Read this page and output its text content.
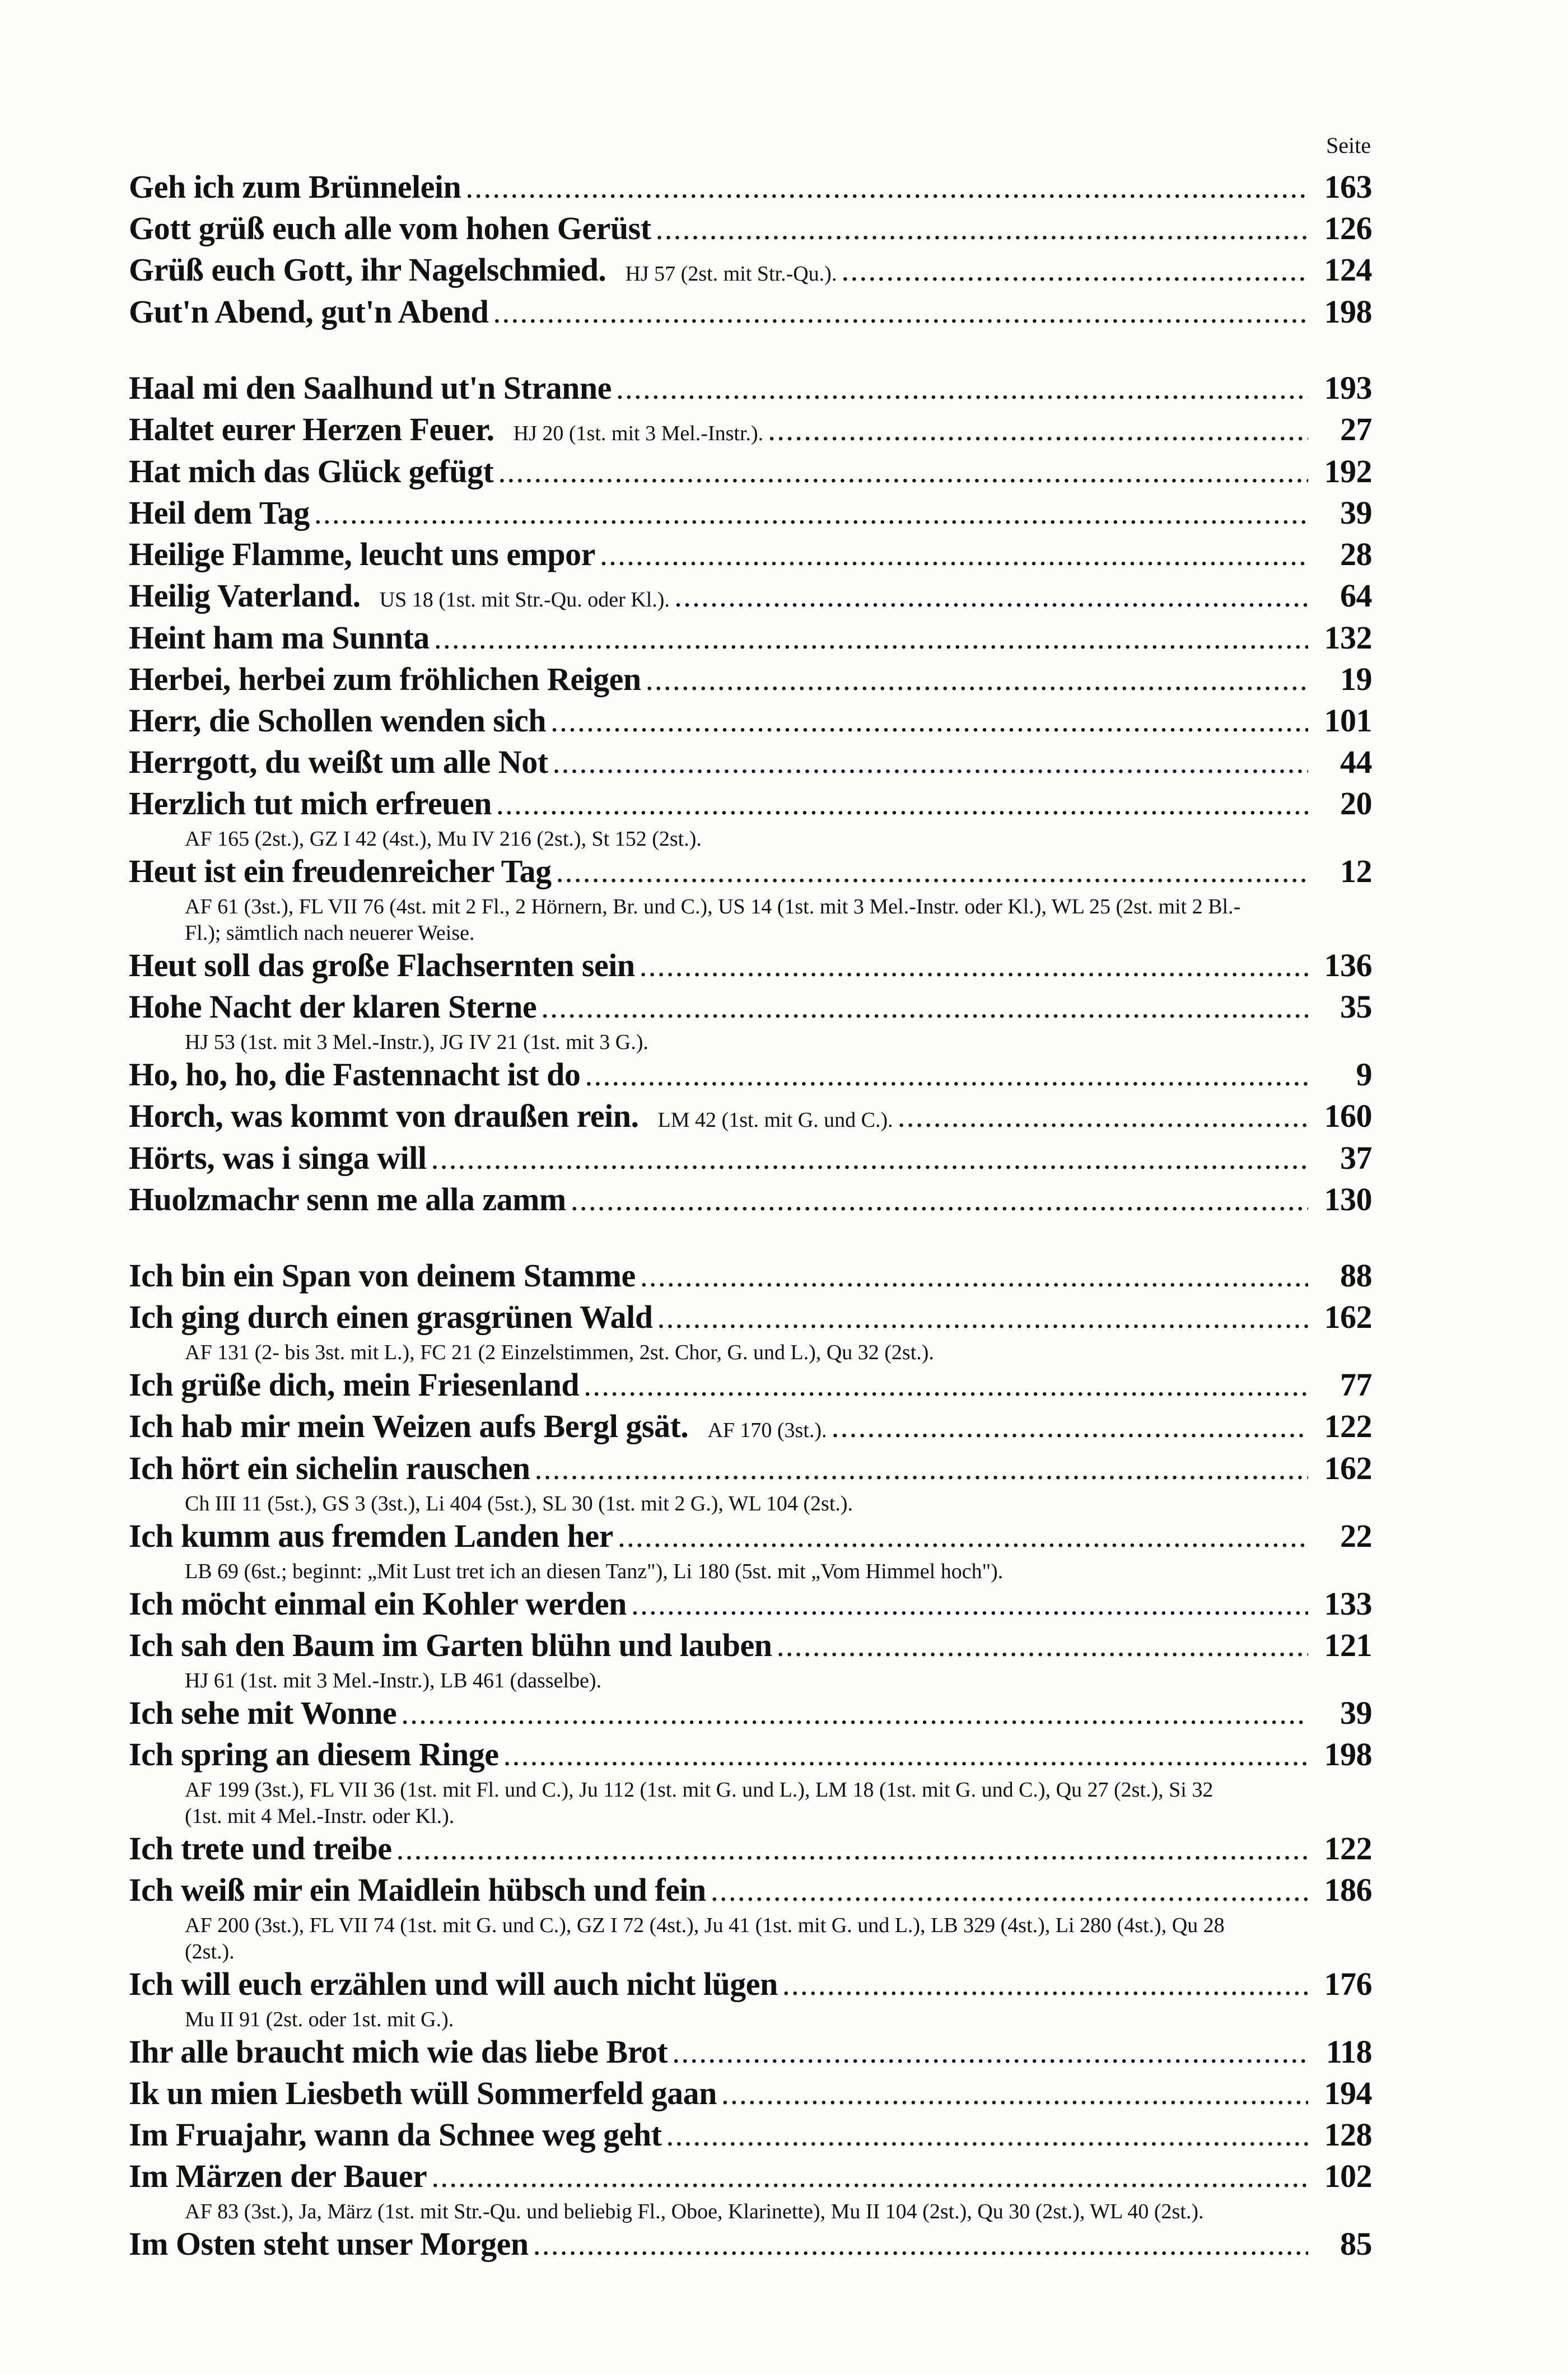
Seite
Geh ich zum Brünnelein .....	163
Gott grüß euch alle vom hohen Gerüst .....	126
Grüß euch Gott, ihr Nagelschmied. HJ 57 (2st. mit Str.-Qu.). .....	124
Gut'n Abend, gut'n Abend .....	198
Haal mi den Saalhund ut'n Stranne .....	193
Haltet eurer Herzen Feuer. HJ 20 (1st. mit 3 Mel.-Instr.). .....	27
Hat mich das Glück gefügt .....	192
Heil dem Tag .....	39
Heilige Flamme, leucht uns empor .....	28
Heilig Vaterland. US 18 (1st. mit Str.-Qu. oder Kl.). .....	64
Heint ham ma Sunnta .....	132
Herbei, herbei zum fröhlichen Reigen .....	19
Herr, die Schollen wenden sich .....	101
Herrgott, du weißt um alle Not .....	44
Herzlich tut mich erfreuen .....	20
AF 165 (2st.), GZ I 42 (4st.), Mu IV 216 (2st.), St 152 (2st.).
Heut ist ein freudenreicher Tag .....	12
AF 61 (3st.), FL VII 76 (4st. mit 2 Fl., 2 Hörnern, Br. und C.), US 14 (1st. mit 3 Mel.-Instr. oder Kl.), WL 25 (2st. mit 2 Bl.-Fl.); sämtlich nach neuerer Weise.
Heut soll das große Flachsernten sein .....	136
Hohe Nacht der klaren Sterne .....	35
HJ 53 (1st. mit 3 Mel.-Instr.), JG IV 21 (1st. mit 3 G.).
Ho, ho, ho, die Fastennacht ist do .....	9
Horch, was kommt von draußen rein. LM 42 (1st. mit G. und C.). .....	160
Hörts, was i singa will .....	37
Huolzmachr senn me alla zamm .....	130
Ich bin ein Span von deinem Stamme .....	88
Ich ging durch einen grasgrünen Wald .....	162
AF 131 (2- bis 3st. mit L.), FC 21 (2 Einzelstimmen, 2st. Chor, G. und L.), Qu 32 (2st.).
Ich grüße dich, mein Friesenland .....	77
Ich hab mir mein Weizen aufs Bergl gsät. AF 170 (3st.). .....	122
Ich hört ein sichelin rauschen .....	162
Ch III 11 (5st.), GS 3 (3st.), Li 404 (5st.), SL 30 (1st. mit 2 G.), WL 104 (2st.).
Ich kumm aus fremden Landen her .....	22
LB 69 (6st.; beginnt: „Mit Lust tret ich an diesen Tanz"), Li 180 (5st. mit „Vom Himmel hoch").
Ich möcht einmal ein Kohler werden .....	133
Ich sah den Baum im Garten blühn und lauben .....	121
HJ 61 (1st. mit 3 Mel.-Instr.), LB 461 (dasselbe).
Ich sehe mit Wonne .....	39
Ich spring an diesem Ringe .....	198
AF 199 (3st.), FL VII 36 (1st. mit Fl. und C.), Ju 112 (1st. mit G. und L.), LM 18 (1st. mit G. und C.), Qu 27 (2st.), Si 32 (1st. mit 4 Mel.-Instr. oder Kl.).
Ich trete und treibe .....	122
Ich weiß mir ein Maidlein hübsch und fein .....	186
AF 200 (3st.), FL VII 74 (1st. mit G. und C.), GZ I 72 (4st.), Ju 41 (1st. mit G. und L.), LB 329 (4st.), Li 280 (4st.), Qu 28 (2st.).
Ich will euch erzählen und will auch nicht lügen .....	176
Mu II 91 (2st. oder 1st. mit G.).
Ihr alle braucht mich wie das liebe Brot .....	118
Ik un mien Liesbeth wüll Sommerfeld gaan .....	194
Im Fruajahr, wann da Schnee weg geht .....	128
Im Märzen der Bauer .....	102
AF 83 (3st.), Ja, März (1st. mit Str.-Qu. und beliebig Fl., Oboe, Klarinette), Mu II 104 (2st.), Qu 30 (2st.), WL 40 (2st.).
Im Osten steht unser Morgen .....	85
